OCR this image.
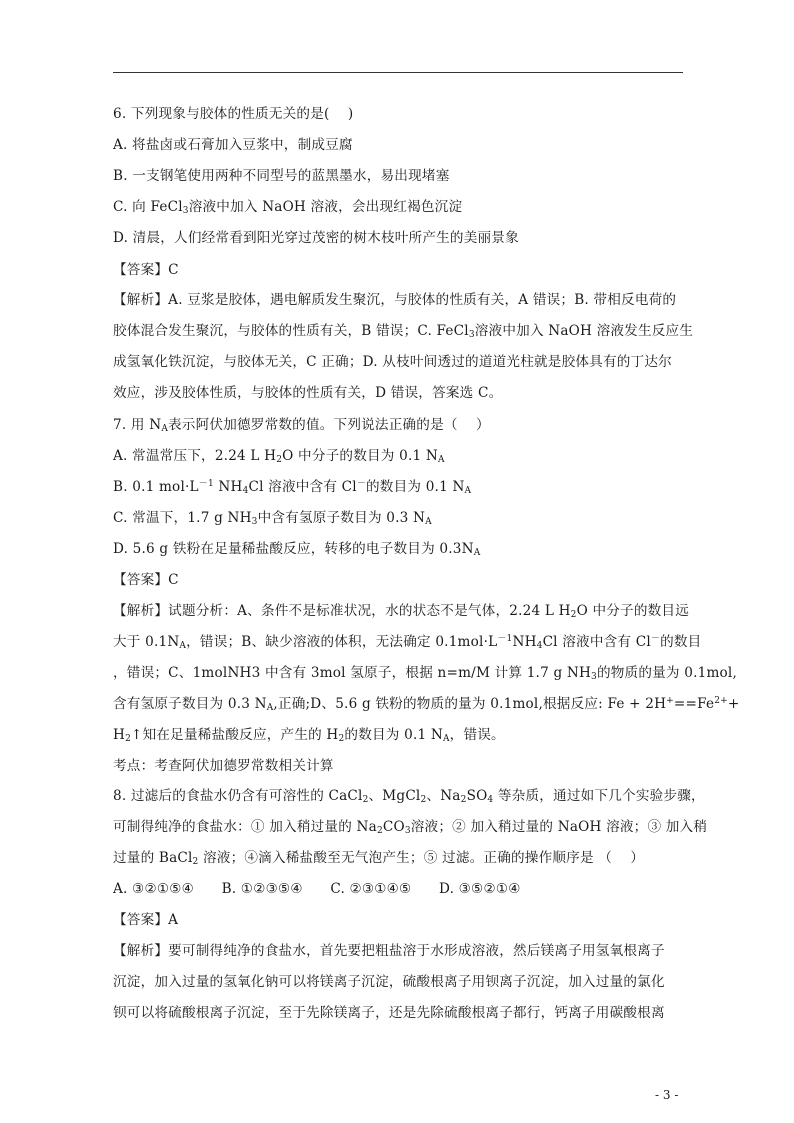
6. 下列现象与胶体的性质无关的是(　 )
A. 将盐卤或石膏加入豆浆中，制成豆腐
B. 一支钢笔使用两种不同型号的蓝黑墨水，易出现堵塞
C. 向 FeCl$_3$溶液中加入 NaOH 溶液，会出现红褐色沉淀
D. 清晨，人们经常看到阳光穿过茂密的树木枝叶所产生的美丽景象
【答案】C
【解析】A. 豆浆是胶体，遇电解质发生聚沉，与胶体的性质有关，A 错误；B. 带相反电荷的
胶体混合发生聚沉，与胶体的性质有关，B 错误；C. FeCl$_3$溶液中加入 NaOH 溶液发生反应生
成氢氧化铁沉淀，与胶体无关，C 正确；D. 从枝叶间透过的道道光柱就是胶体具有的丁达尔
效应，涉及胶体性质，与胶体的性质有关，D 错误，答案选 C。
7. 用 $N_A$表示阿伏加德罗常数的值。下列说法正确的是（　 ）
A. 常温常压下，2.24 L $H_2O$ 中分子的数目为 0.1 $N_A$
B. 0.1 $mol\cdot L^{-1}$ $NH_4Cl$ 溶液中含有 Cl－的数目为 0.1 $N_A$
C. 常温下，1.7 g $NH_3$中含有氢原子数目为 0.3 $N_A$
D. 5.6 g 铁粉在足量稀盐酸反应，转移的电子数目为 $0.3N_A$
【答案】C
【解析】试题分析：A、条件不是标准状况，水的状态不是气体，2.24 L $H_2O$ 中分子的数目远
大于 $0.1N_A$，错误；B、缺少溶液的体积，无法确定 $0.1mol\cdot L^{-1}NH_4Cl$ 溶液中含有 Cl－的数目
，错误；C、1molNH3 中含有 3mol 氢原子，根据 n=m/M 计算 1.7 g $NH_3$的物质的量为 0.1mol,
含有氢原子数目为 0.3 $N_A$,正确;D、5.6 g 铁粉的物质的量为 0.1mol,根据反应: $Fe + 2H^+==Fe^{2+}+$
$H_2↑$知在足量稀盐酸反应，产生的 $H_2$的数目为 0.1 $N_A$，错误。
考点：考查阿伏加德罗常数相关计算
8. 过滤后的食盐水仍含有可溶性的 CaCl$_2$、MgCl$_2$、$Na_2SO_4$ 等杂质，通过如下几个实验步骤，
可制得纯净的食盐水：① 加入稍过量的 $Na_2CO_3$溶液；② 加入稍过量的 NaOH 溶液；③ 加入稍
过量的 BaCl$_2$ 溶液；④滴入稀盐酸至无气泡产生；⑤ 过滤。正确的操作顺序是 （　 ）
A. ③②①⑤④　　B. ①②③⑤④　　C. ②③①④⑤　　D. ③⑤②①④
【答案】A
【解析】要可制得纯净的食盐水，首先要把粗盐溶于水形成溶液，然后镁离子用氢氧根离子
沉淀，加入过量的氢氧化钠可以将镁离子沉淀，硫酸根离子用钡离子沉淀，加入过量的氯化
钡可以将硫酸根离子沉淀，至于先除镁离子，还是先除硫酸根离子都行，钙离子用碳酸根离
- 3 -
